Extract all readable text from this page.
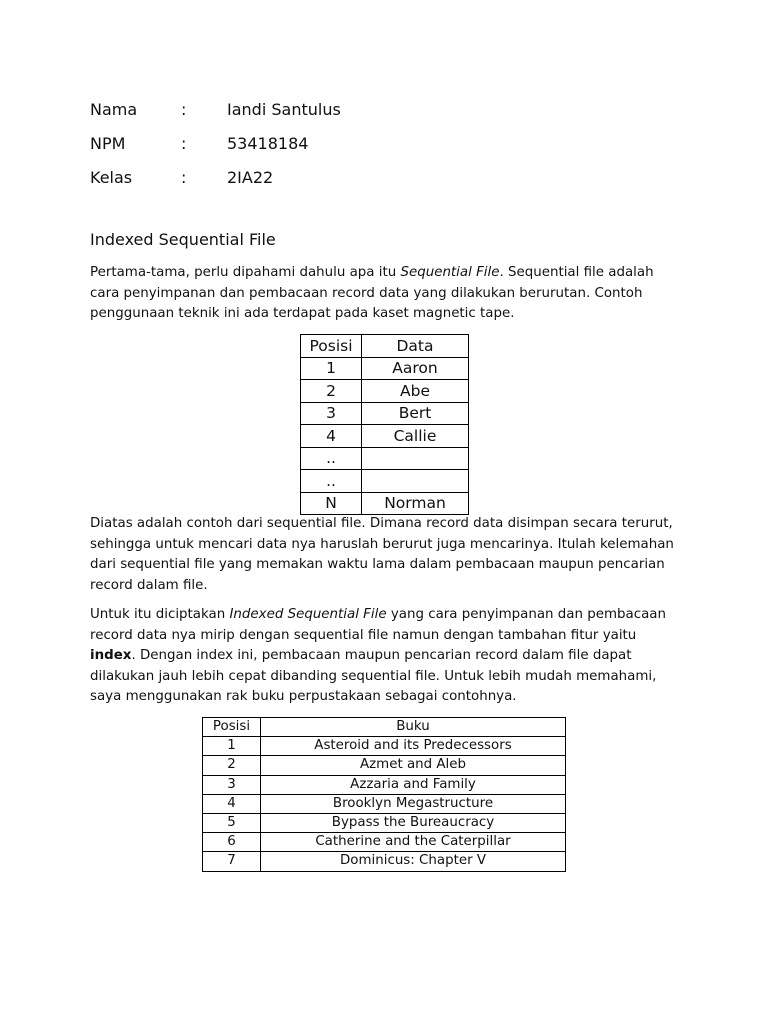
Nama	:	Iandi Santulus
NPM	:	53418184
Kelas	:	2IA22
Indexed Sequential File

Pertama-tama, perlu dipahami dahulu apa itu Sequential File. Sequential file adalah
cara penyimpanan dan pembacaan record data yang dilakukan berurutan. Contoh
penggunaan teknik ini ada terdapat pada kaset magnetic tape.

Posisi	Data
1	Aaron
2	Abe
3	Bert
4	Callie
..	
..	
N	Norman

Diatas adalah contoh dari sequential file. Dimana record data disimpan secara terurut,
sehingga untuk mencari data nya haruslah berurut juga mencarinya. Itulah kelemahan
dari sequential file yang memakan waktu lama dalam pembacaan maupun pencarian
record dalam file.

Untuk itu diciptakan Indexed Sequential File yang cara penyimpanan dan pembacaan
record data nya mirip dengan sequential file namun dengan tambahan fitur yaitu
index. Dengan index ini, pembacaan maupun pencarian record dalam file dapat
dilakukan jauh lebih cepat dibanding sequential file. Untuk lebih mudah memahami,
saya menggunakan rak buku perpustakaan sebagai contohnya.

Posisi	Buku
1	Asteroid and its Predecessors
2	Azmet and Aleb
3	Azzaria and Family
4	Brooklyn Megastructure
5	Bypass the Bureaucracy
6	Catherine and the Caterpillar
7	Dominicus: Chapter V
